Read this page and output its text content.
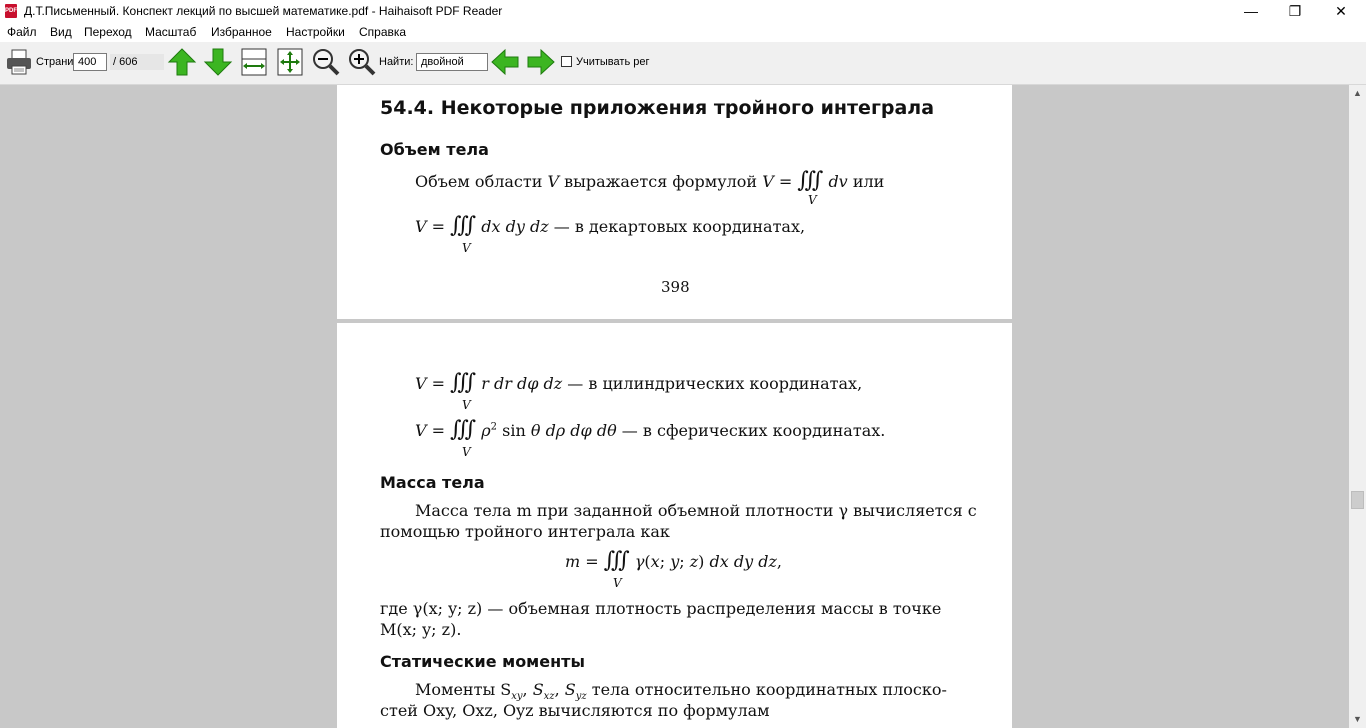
PDF Д.Т.Письменный. Конспект лекций по высшей математике.pdf - Haihaisoft PDF Reader	—	❐	✕
Файл Вид Переход Масштаб Избранное Настройки Справка
Страни
400	/ 606	Найти:
двойной	Учитывать рег
54.4. Некоторые приложения тройного интеграла
Объем тела
Объем области V выражается формулой V = ∭ dv или
V
V = ∭ dx dy dz — в декартовых координатах,
V
398
V = ∭ r dr dφ dz — в цилиндрических координатах,
V
V = ∭ $\rho^2$ sin θ dρ dφ dθ — в сферических координатах.
V
Масса тела
Масса тела m при заданной объемной плотности γ вычисляется с
помощью тройного интеграла как
m = ∭ γ(x; y; z) dx dy dz,
V
где γ(x; y; z) — объемная плотность распределения массы в точке
M(x; y; z).
Статические моменты
Моменты $S_{xy}$, $S_{xz}$, $S_{yz}$ тела относительно координатных плоско-
стей Oxy, Oxz, Oyz вычисляются по формулам
▲
▼
